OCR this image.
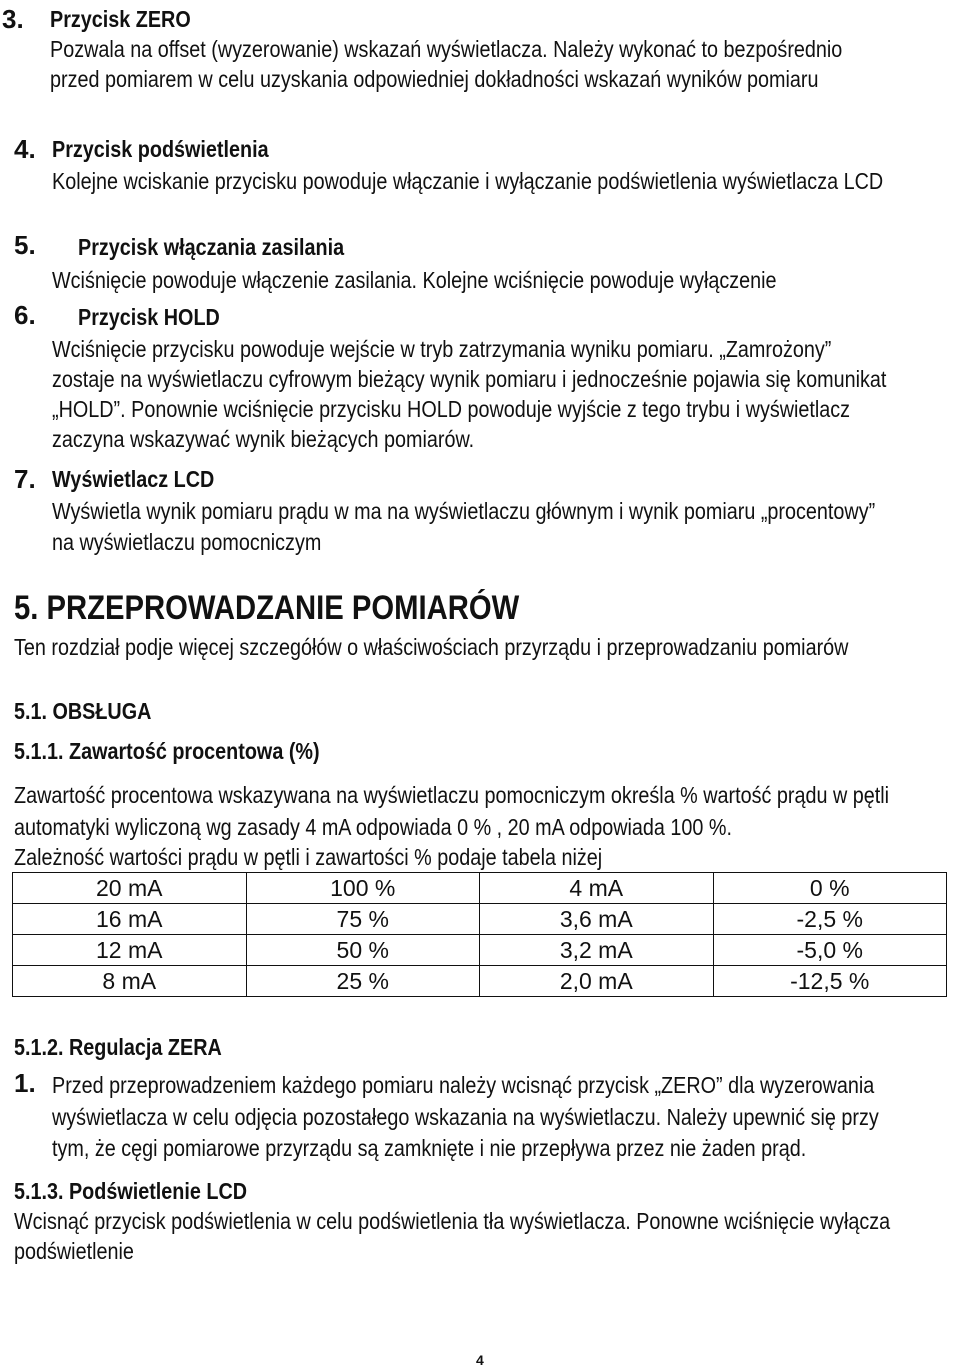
3. Przycisk ZERO
Pozwala na offset (wyzerowanie) wskazań wyświetlacza. Należy wykonać to bezpośrednio
przed pomiarem w celu uzyskania odpowiedniej dokładności wskazań wyników pomiaru
4. Przycisk podświetlenia
Kolejne wciskanie przycisku powoduje włączanie i wyłączanie podświetlenia wyświetlacza LCD
5. Przycisk włączania zasilania
Wciśnięcie powoduje włączenie zasilania. Kolejne wciśnięcie powoduje wyłączenie
6. Przycisk HOLD
Wciśnięcie przycisku powoduje wejście w tryb zatrzymania wyniku pomiaru. „Zamrożony”
zostaje na wyświetlaczu cyfrowym bieżący wynik pomiaru i jednocześnie pojawia się komunikat
„HOLD”. Ponownie wciśnięcie przycisku HOLD powoduje wyjście z tego trybu i wyświetlacz
zaczyna wskazywać wynik bieżących pomiarów.
7. Wyświetlacz LCD
Wyświetla wynik pomiaru prądu w ma na wyświetlaczu głównym i wynik pomiaru „procentowy”
na wyświetlaczu pomocniczym
5. PRZEPROWADZANIE POMIARÓW
Ten rozdział podje więcej szczegółów o właściwościach przyrządu i przeprowadzaniu pomiarów
5.1. OBSŁUGA
5.1.1. Zawartość procentowa (%)
Zawartość procentowa wskazywana na wyświetlaczu pomocniczym określa % wartość prądu w pętli
automatyki wyliczoną wg zasady 4 mA odpowiada 0 % , 20 mA odpowiada 100 %.
Zależność wartości prądu w pętli i zawartości % podaje tabela niżej
20 mA	100 %	4 mA	0 %
16 mA	75 %	3,6 mA	-2,5 %
12 mA	50 %	3,2 mA	-5,0 %
8 mA	25 %	2,0 mA	-12,5 %
5.1.2. Regulacja ZERA
1. Przed przeprowadzeniem każdego pomiaru należy wcisnąć przycisk „ZERO” dla wyzerowania
wyświetlacza w celu odjęcia pozostałego wskazania na wyświetlaczu. Należy upewnić się przy
tym, że cęgi pomiarowe przyrządu są zamknięte i nie przepływa przez nie żaden prąd.
5.1.3. Podświetlenie LCD
Wcisnąć przycisk podświetlenia w celu podświetlenia tła wyświetlacza. Ponowne wciśnięcie wyłącza
podświetlenie
4
